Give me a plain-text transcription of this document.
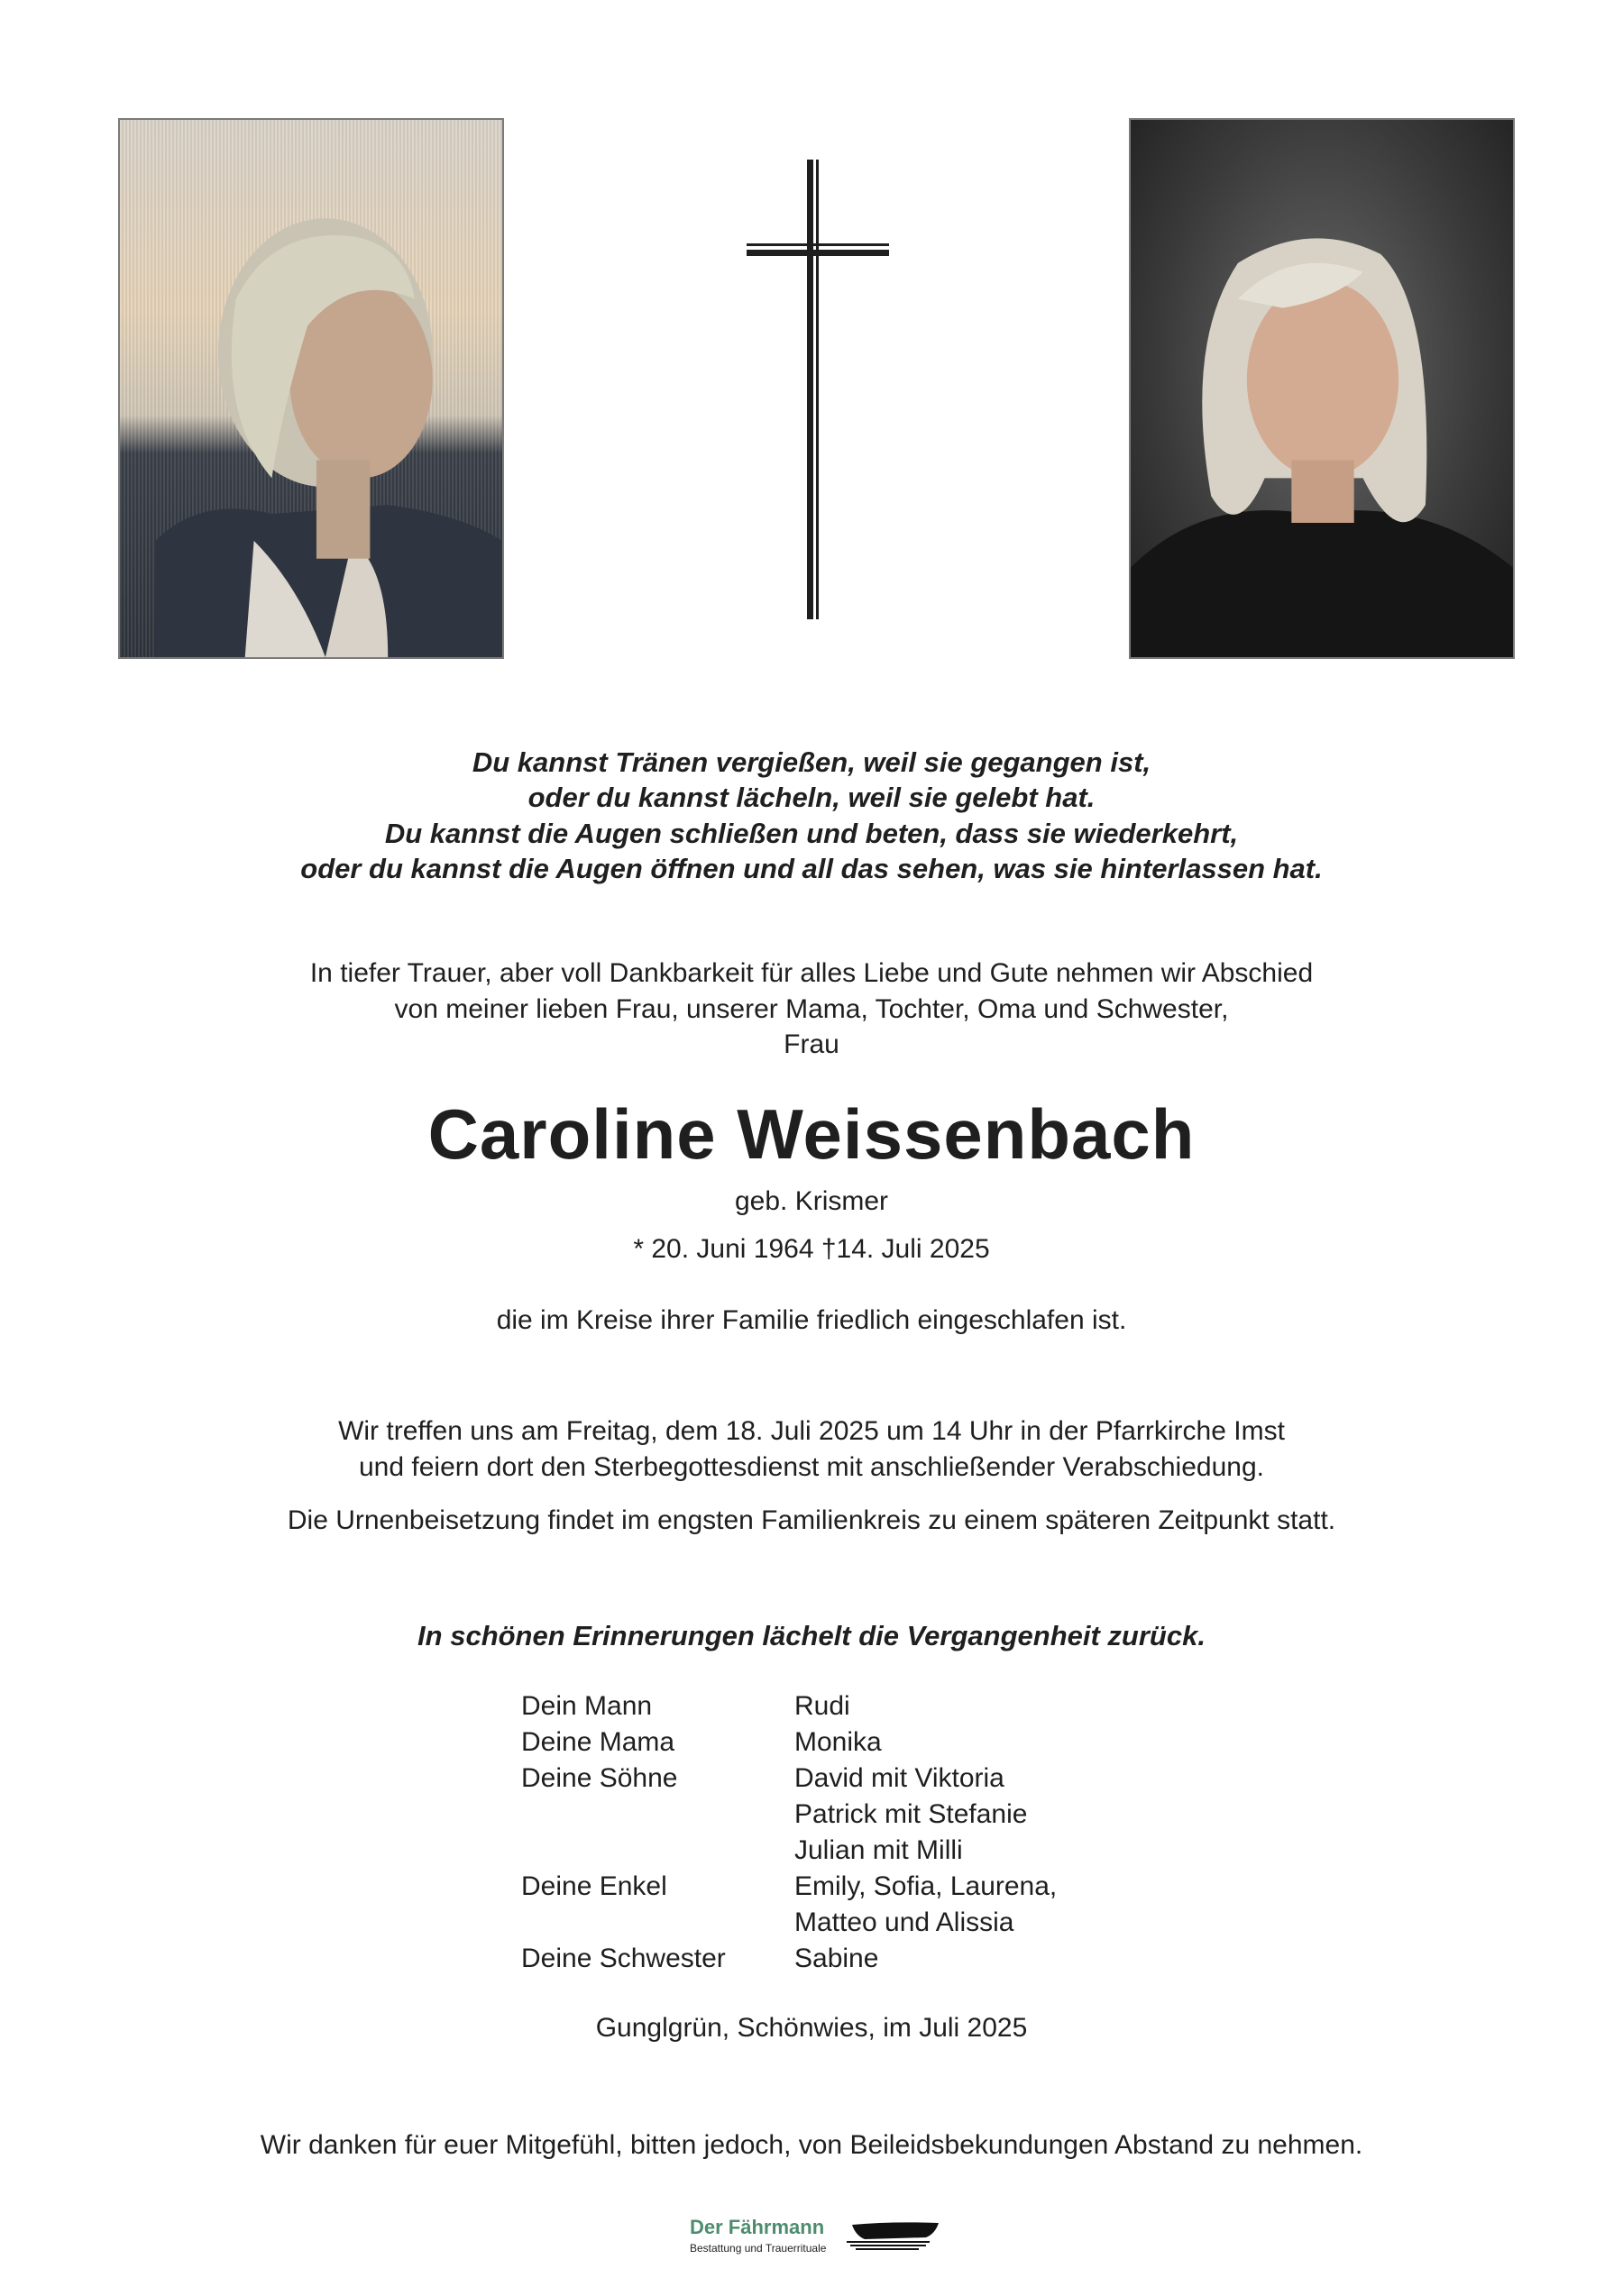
Du kannst Tränen vergießen, weil sie gegangen ist,
oder du kannst lächeln, weil sie gelebt hat.
Du kannst die Augen schließen und beten, dass sie wiederkehrt,
oder du kannst die Augen öffnen und all das sehen, was sie hinterlassen hat.
In tiefer Trauer, aber voll Dankbarkeit für alles Liebe und Gute nehmen wir Abschied
von meiner lieben Frau, unserer Mama, Tochter, Oma und Schwester,
Frau
Caroline Weissenbach
geb. Krismer
* 20. Juni 1964 †14. Juli 2025
die im Kreise ihrer Familie friedlich eingeschlafen ist.
Wir treffen uns am Freitag, dem 18. Juli 2025 um 14 Uhr in der Pfarrkirche Imst
und feiern dort den Sterbegottesdienst mit anschließender Verabschiedung.
Die Urnenbeisetzung findet im engsten Familienkreis zu einem späteren Zeitpunkt statt.
In schönen Erinnerungen lächelt die Vergangenheit zurück.
Dein Mann	Rudi
Deine Mama	Monika
Deine Söhne	David mit Viktoria
Patrick mit Stefanie
Julian mit Milli
Deine Enkel	Emily, Sofia, Laurena,
Matteo und Alissia
Deine Schwester	Sabine
Gunglgrün, Schönwies, im Juli 2025
Wir danken für euer Mitgefühl, bitten jedoch, von Beileidsbekundungen Abstand zu nehmen.
Der Fährmann
Bestattung und Trauerrituale
